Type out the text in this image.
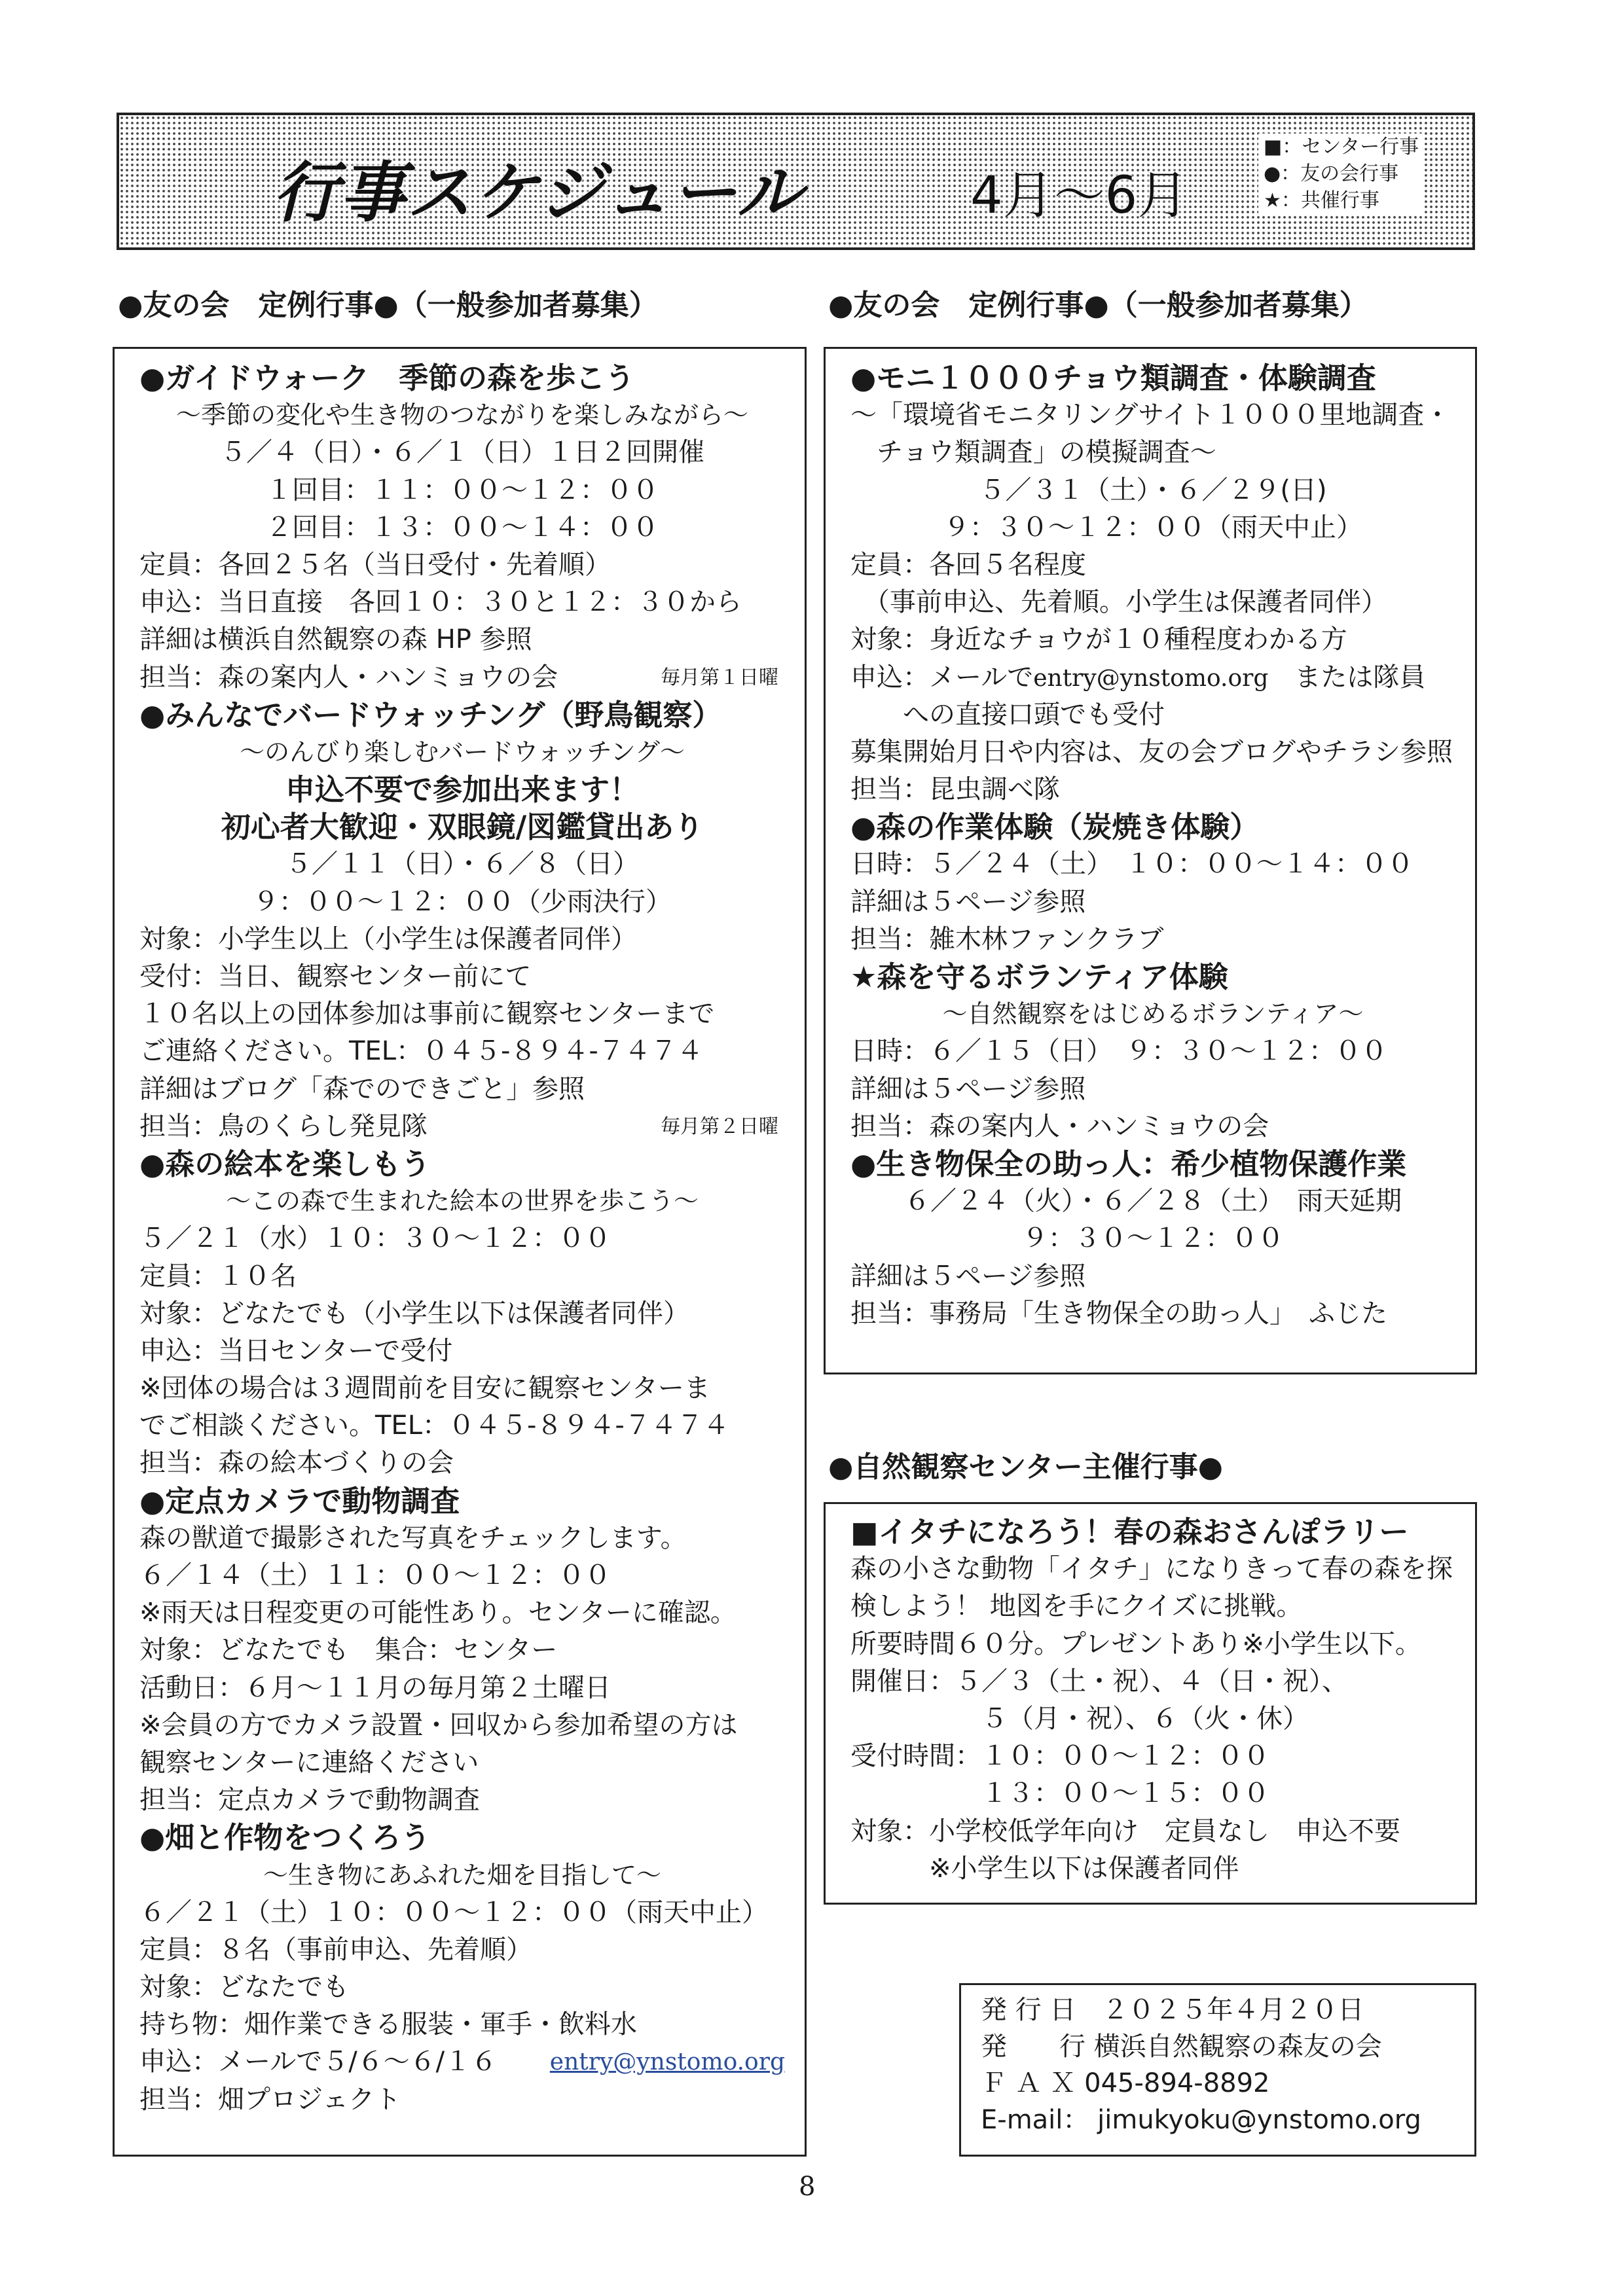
行事スケジュール	4月〜6月
■：センター行事
●：友の会行事
★：共催行事
●友の会　定例行事●（一般参加者募集）
●ガイドウォーク　季節の森を歩こう
〜季節の変化や生き物のつながりを楽しみながら〜
５／４（日）・６／１（日）１日２回開催
１回目：１１：００〜１２：００
２回目：１３：００〜１４：００
定員：各回２５名（当日受付・先着順）
申込：当日直接　各回１０：３０と１２：３０から
詳細は横浜自然観察の森 HP 参照
担当：森の案内人・ハンミョウの会	毎月第１日曜
●みんなでバードウォッチング（野鳥観察）
〜のんびり楽しむバードウォッチング〜
申込不要で参加出来ます！
初心者大歓迎・双眼鏡/図鑑貸出あり
５／１１（日）・６／８（日）
９：００〜１２：００（少雨決行）
対象：小学生以上（小学生は保護者同伴）
受付：当日、観察センター前にて
１０名以上の団体参加は事前に観察センターまで
ご連絡ください。TEL：０４５-８９４-７４７４
詳細はブログ「森でのできごと」参照
担当：鳥のくらし発見隊	毎月第２日曜
●森の絵本を楽しもう
〜この森で生まれた絵本の世界を歩こう〜
５／２１（水）１０：３０〜１２：００
定員：１０名
対象：どなたでも（小学生以下は保護者同伴）
申込：当日センターで受付
※団体の場合は３週間前を目安に観察センターま
でご相談ください。TEL：０４５-８９４-７４７４
担当：森の絵本づくりの会
●定点カメラで動物調査
森の獣道で撮影された写真をチェックします。
６／１４（土）１１：００〜１２：００
※雨天は日程変更の可能性あり。センターに確認。
対象：どなたでも　集合：センター
活動日：６月〜１１月の毎月第２土曜日
※会員の方でカメラ設置・回収から参加希望の方は
観察センターに連絡ください
担当：定点カメラで動物調査
●畑と作物をつくろう
〜生き物にあふれた畑を目指して〜
６／２１（土）１０：００〜１２：００（雨天中止）
定員：８名（事前申込、先着順）
対象：どなたでも
持ち物：畑作業できる服装・軍手・飲料水
申込：メールで５/６〜６/１６ entry@ynstomo.org
担当：畑プロジェクト
●友の会　定例行事●（一般参加者募集）
●モニ１０００チョウ類調査・体験調査
〜「環境省モニタリングサイト１０００里地調査・
　チョウ類調査」の模擬調査〜
５／３１（土）・６／２９(日)
９：３０〜１２：００（雨天中止）
定員：各回５名程度
　（事前申込、先着順。小学生は保護者同伴）
対象：身近なチョウが１０種程度わかる方
申込：メールでentry@ynstomo.org　または隊員
　　への直接口頭でも受付
募集開始月日や内容は、友の会ブログやチラシ参照
担当：昆虫調べ隊
●森の作業体験（炭焼き体験）
日時：５／２４（土）　１０：００〜１４：００
詳細は５ページ参照
担当：雑木林ファンクラブ
★森を守るボランティア体験
〜自然観察をはじめるボランティア〜
日時：６／１５（日）　９：３０〜１２：００
詳細は５ページ参照
担当：森の案内人・ハンミョウの会
●生き物保全の助っ人：希少植物保護作業
６／２４（火）・６／２８（土）　雨天延期
９：３０〜１２：００
詳細は５ページ参照
担当：事務局「生き物保全の助っ人」　ふじた
●自然観察センター主催行事●
■イタチになろう！春の森おさんぽラリー
森の小さな動物「イタチ」になりきって春の森を探
検しよう！ 地図を手にクイズに挑戦。
所要時間６０分。プレゼントあり※小学生以下。
開催日：５／３（土・祝）、４（日・祝）、
　　　　　５（月・祝）、６（火・休）
受付時間：１０：００〜１２：００
　　　　　１３：００〜１５：００
対象：小学校低学年向け　定員なし　申込不要
　　　※小学生以下は保護者同伴
発 行 日　２０２５年４月２０日
発　　行 横浜自然観察の森友の会
Ｆ Ａ Ｘ 045-894-8892
E-mail： jimukyoku@ynstomo.org
8
